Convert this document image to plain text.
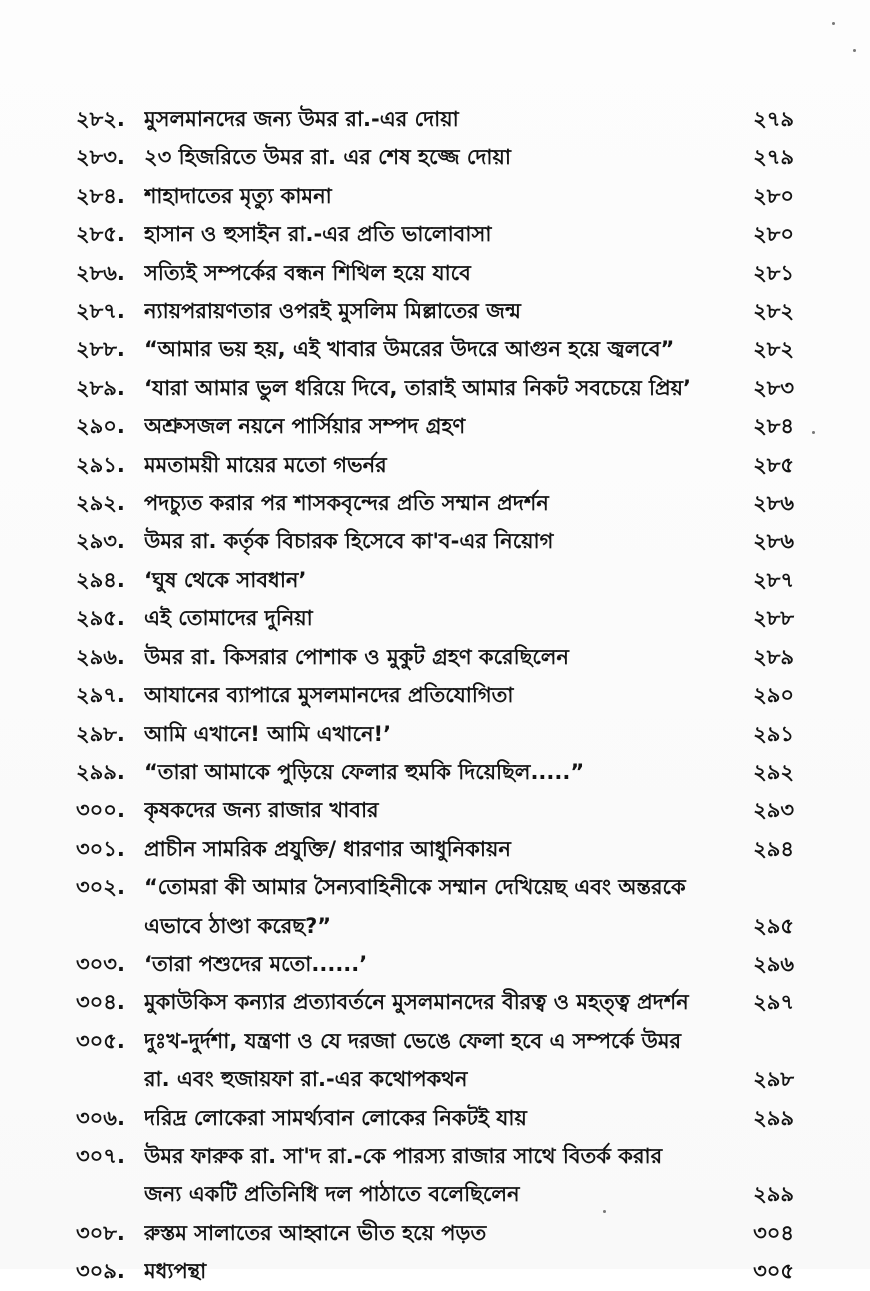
২৮২. মুসলমানদের জন্য উমর রা.-এর দোয়া	২৭৯
২৮৩. ২৩ হিজরিতে উমর রা. এর শেষ হজ্জে দোয়া	২৭৯
২৮৪. শাহাদাতের মৃত্যু কামনা	২৮০
২৮৫. হাসান ও হুসাইন রা.-এর প্রতি ভালোবাসা	২৮০
২৮৬. সত্যিই সম্পর্কের বন্ধন শিথিল হয়ে যাবে	২৮১
২৮৭. ন্যায়পরায়ণতার ওপরই মুসলিম মিল্লাতের জন্ম	২৮২
২৮৮. “আমার ভয় হয়, এই খাবার উমরের উদরে আগুন হয়ে জ্বলবে”	২৮২
২৮৯. ‘যারা আমার ভুল ধরিয়ে দিবে, তারাই আমার নিকট সবচেয়ে প্রিয়’	২৮৩
২৯০. অশ্রুসজল নয়নে পার্সিয়ার সম্পদ গ্রহণ	২৮৪
২৯১. মমতাময়ী মায়ের মতো গভর্নর	২৮৫
২৯২. পদচ্যুত করার পর শাসকবৃন্দের প্রতি সম্মান প্রদর্শন	২৮৬
২৯৩. উমর রা. কর্তৃক বিচারক হিসেবে কা'ব-এর নিয়োগ	২৮৬
২৯৪. ‘ঘুষ থেকে সাবধান’	২৮৭
২৯৫. এই তোমাদের দুনিয়া	২৮৮
২৯৬. উমর রা. কিসরার পোশাক ও মুকুট গ্রহণ করেছিলেন	২৮৯
২৯৭. আযানের ব্যাপারে মুসলমানদের প্রতিযোগিতা	২৯০
২৯৮. আমি এখানে! আমি এখানে!’	২৯১
২৯৯. “তারা আমাকে পুড়িয়ে ফেলার হুমকি দিয়েছিল.....”	২৯২
৩০০. কৃষকদের জন্য রাজার খাবার	২৯৩
৩০১. প্রাচীন সামরিক প্রযুক্তি/ ধারণার আধুনিকায়ন	২৯৪
৩০২. “তোমরা কী আমার সৈন্যবাহিনীকে সম্মান দেখিয়েছ এবং অন্তরকে
এভাবে ঠাণ্ডা করেছ?”	২৯৫
৩০৩. ‘তারা পশুদের মতো......’	২৯৬
৩০৪. মুকাউকিস কন্যার প্রত্যাবর্তনে মুসলমানদের বীরত্ব ও মহত্ত্ব প্রদর্শন	২৯৭
৩০৫. দুঃখ-দুর্দশা, যন্ত্রণা ও যে দরজা ভেঙে ফেলা হবে এ সম্পর্কে উমর
রা. এবং হুজায়ফা রা.-এর কথোপকথন	২৯৮
৩০৬. দরিদ্র লোকেরা সামর্থ্যবান লোকের নিকটই যায়	২৯৯
৩০৭. উমর ফারুক রা. সা'দ রা.-কে পারস্য রাজার সাথে বিতর্ক করার
জন্য একটি প্রতিনিধি দল পাঠাতে বলেছিলেন	২৯৯
৩০৮. রুস্তম সালাতের আহ্বানে ভীত হয়ে পড়ত	৩০৪
৩০৯. মধ্যপন্থা	৩০৫
